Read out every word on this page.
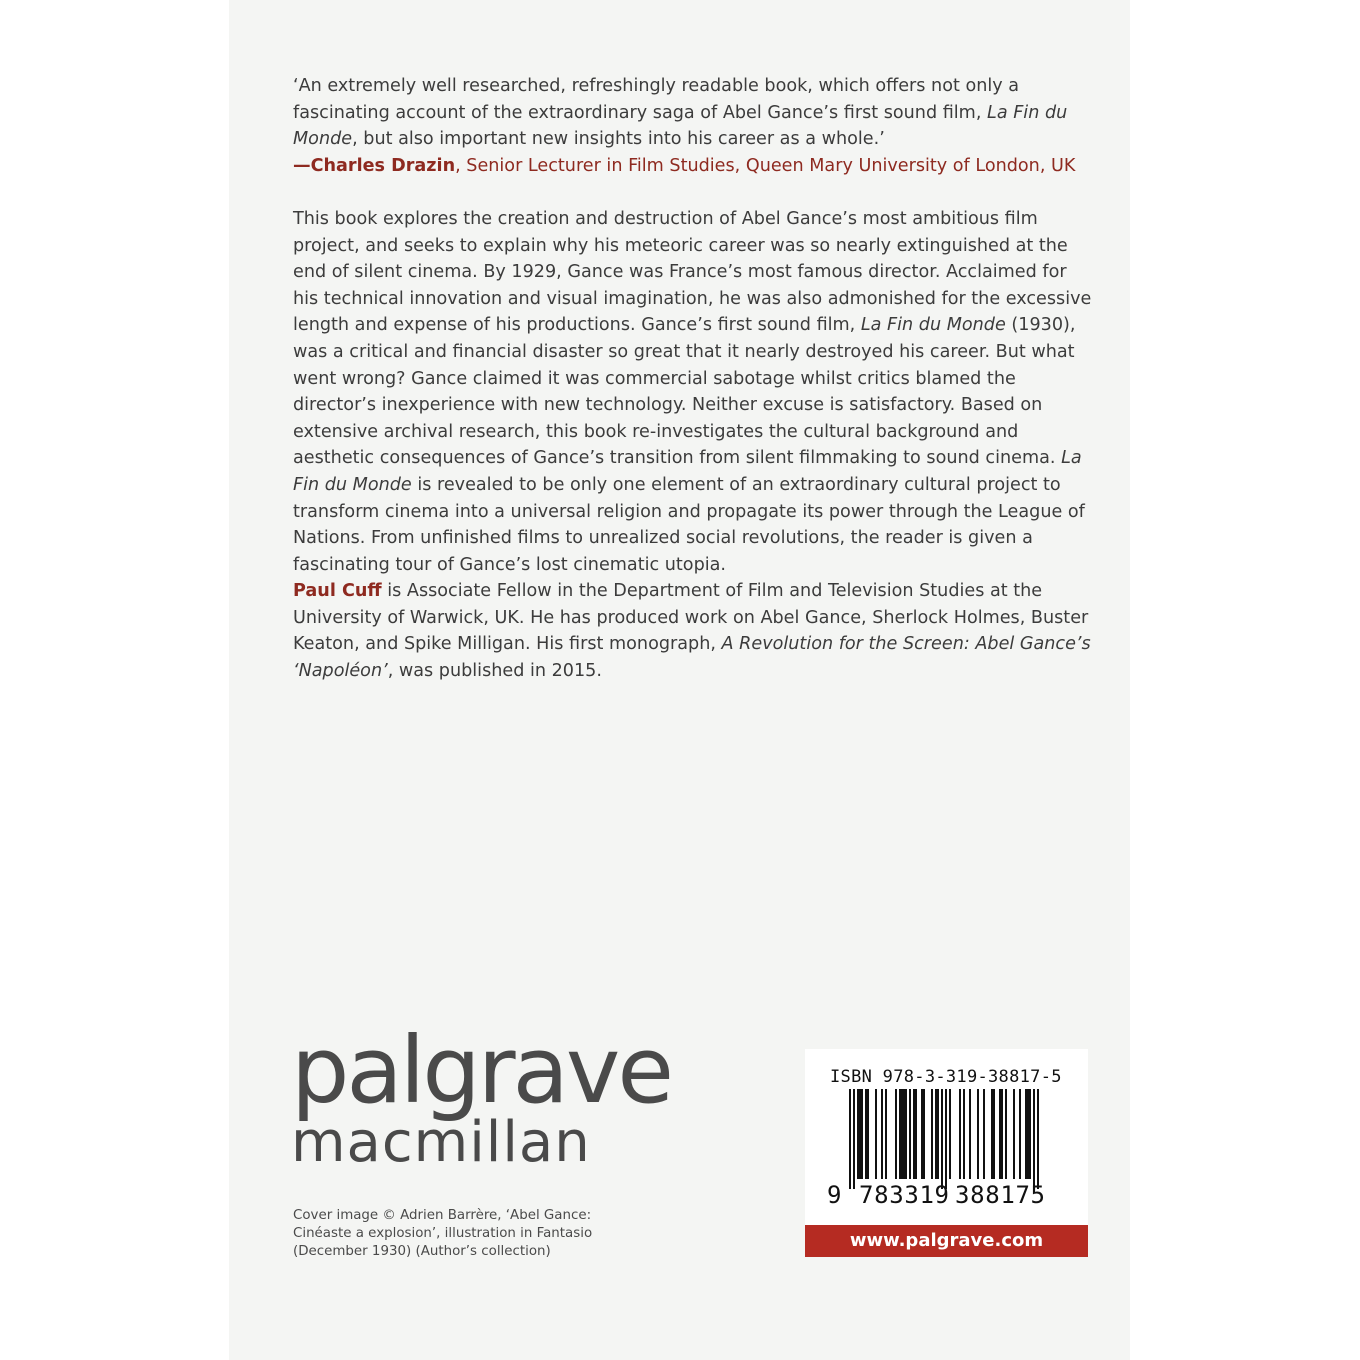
‘An extremely well researched, refreshingly readable book, which offers not only a fascinating account of the extraordinary saga of Abel Gance’s first sound film, La Fin du Monde, but also important new insights into his career as a whole.’
—Charles Drazin, Senior Lecturer in Film Studies, Queen Mary University of London, UK

This book explores the creation and destruction of Abel Gance’s most ambitious film project, and seeks to explain why his meteoric career was so nearly extinguished at the end of silent cinema. By 1929, Gance was France’s most famous director. Acclaimed for his technical innovation and visual imagination, he was also admonished for the excessive length and expense of his productions. Gance’s first sound film, La Fin du Monde (1930), was a critical and financial disaster so great that it nearly destroyed his career. But what went wrong? Gance claimed it was commercial sabotage whilst critics blamed the director’s inexperience with new technology. Neither excuse is satisfactory. Based on extensive archival research, this book re-investigates the cultural background and aesthetic consequences of Gance’s transition from silent filmmaking to sound cinema. La Fin du Monde is revealed to be only one element of an extraordinary cultural project to transform cinema into a universal religion and propagate its power through the League of Nations. From unfinished films to unrealized social revolutions, the reader is given a fascinating tour of Gance’s lost cinematic utopia.

Paul Cuff is Associate Fellow in the Department of Film and Television Studies at the University of Warwick, UK. He has produced work on Abel Gance, Sherlock Holmes, Buster Keaton, and Spike Milligan. His first monograph, A Revolution for the Screen: Abel Gance’s ‘Napoléon’, was published in 2015.

palgrave
macmillan
Cover image © Adrien Barrère, ‘Abel Gance: Cinéaste a explosion’, illustration in Fantasio (December 1930) (Author’s collection)
ISBN 978-3-319-38817-5
9 783319 388175
www.palgrave.com
